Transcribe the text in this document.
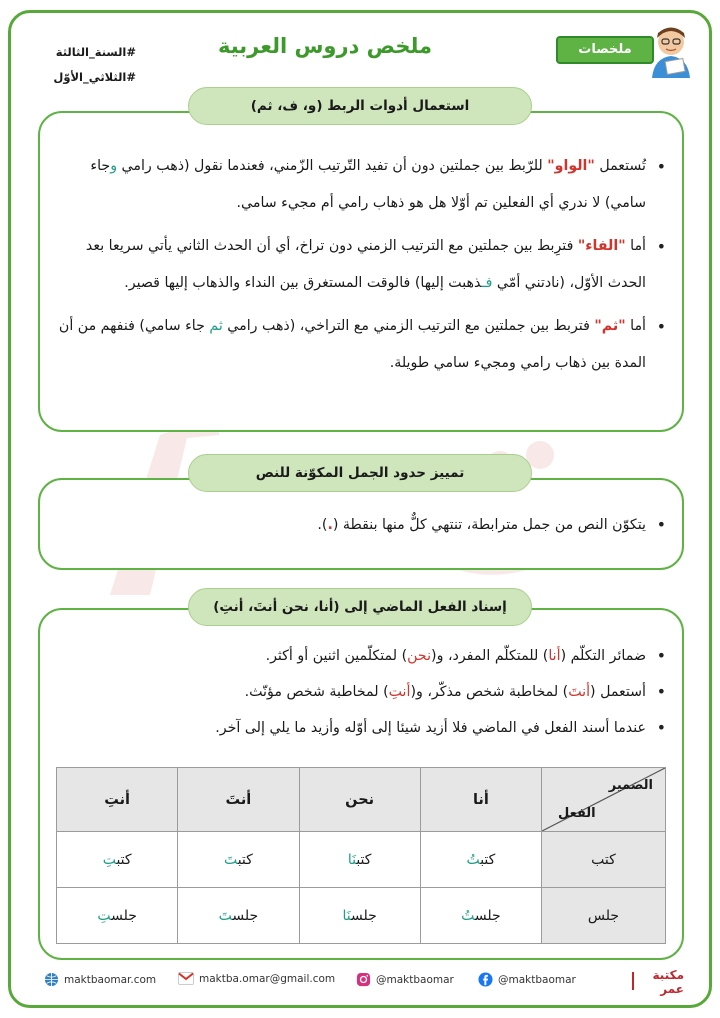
#السنة_الثالثة
#الثلاثي_الأوّل
ملخص دروس العربية	ملخصات
استعمال أدوات الربط (و، ف، ثم)
• تُستعمل "الواو" للرّبط بين جملتين دون أن تفيد التّرتيب الزّمني، فعندما نقول (ذهب رامي وجاء سامي) لا ندري أي الفعلين تم أوّلا هل هو ذهاب رامي أم مجيء سامي.
• أما "الفاء" فترِبط بين جملتين مع الترتيب الزمني دون تراخ، أي أن الحدث الثاني يأتي سريعا بعد الحدث الأوّل، (نادتني أمّي فـذهبت إليها) فالوقت المستغرق بين النداء والذهاب إليها قصير.
• أما "ثم" فتربط بين جملتين مع الترتيب الزمني مع التراخي، (ذهب رامي ثم جاء سامي) فنفهم من أن المدة بين ذهاب رامي ومجيء سامي طويلة.
تمييز حدود الجمل المكوّنة للنص
• يتكوّن النص من جمل مترابطة، تنتهي كلٌّ منها بنقطة (.).
إسناد الفعل الماضي إلى (أنا، نحن أنتَ، أنتِ)
• ضمائر التكلّم (أنا) للمتكلّم المفرد، و(نحن) لمتكلّمين اثنين أو أكثر.
• أستعمل (أنتَ) لمخاطبة شخص مذكّر، و(أنتِ) لمخاطبة شخص مؤنّث.
• عندما أسند الفعل في الماضي فلا أزيد شيئا إلى أوّله وأزيد ما يلي إلى آخر.
الضمير
الفعل	أنا	نحن	أنتَ	أنتِ
كتب	كتبتُ	كتبنَا	كتبتَ	كتبتِ
جلس	جلستُ	جلسنَا	جلستَ	جلستِ
maktbaomar.com	maktba.omar@gmail.com	@maktbaomar	@maktbaomar	مكتبة عمر
